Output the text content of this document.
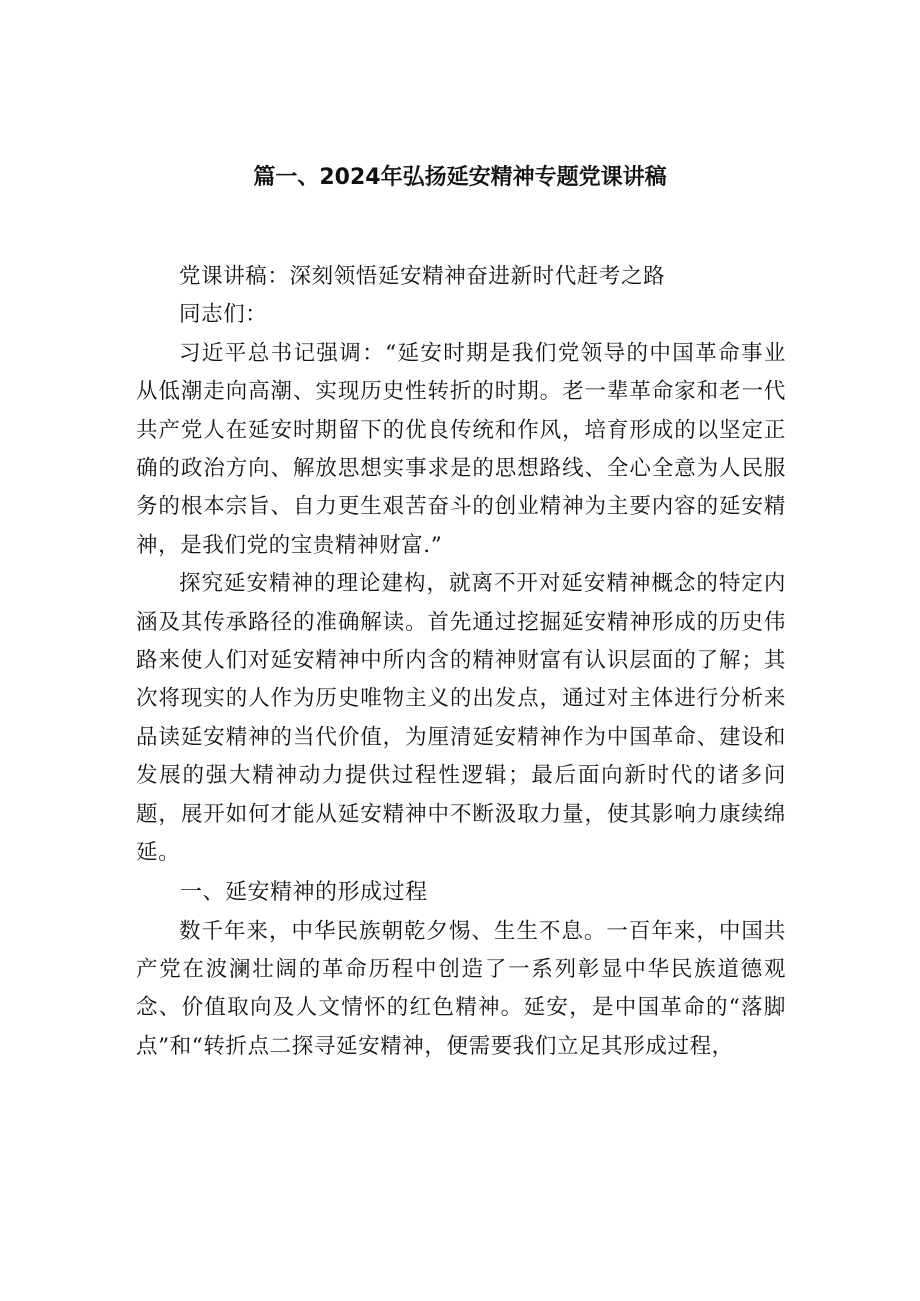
篇一、2024年弘扬延安精神专题党课讲稿

党课讲稿：深刻领悟延安精神奋进新时代赶考之路

同志们：

习近平总书记强调：“延安时期是我们党领导的中国革命事业从低潮走向高潮、实现历史性转折的时期。老一辈革命家和老一代共产党人在延安时期留下的优良传统和作风，培育形成的以坚定正确的政治方向、解放思想实事求是的思想路线、全心全意为人民服务的根本宗旨、自力更生艰苦奋斗的创业精神为主要内容的延安精神，是我们党的宝贵精神财富.”

探究延安精神的理论建构，就离不开对延安精神概念的特定内涵及其传承路径的准确解读。首先通过挖掘延安精神形成的历史伟路来使人们对延安精神中所内含的精神财富有认识层面的了解；其次将现实的人作为历史唯物主义的出发点，通过对主体进行分析来品读延安精神的当代价值，为厘清延安精神作为中国革命、建设和发展的强大精神动力提供过程性逻辑；最后面向新时代的诸多问题，展开如何才能从延安精神中不断汲取力量，使其影响力康续绵延。

一、延安精神的形成过程

数千年来，中华民族朝乾夕惕、生生不息。一百年来，中国共产党在波澜壮阔的革命历程中创造了一系列彰显中华民族道德观念、价值取向及人文情怀的红色精神。延安，是中国革命的“落脚点”和“转折点二探寻延安精神，便需要我们立足其形成过程，
